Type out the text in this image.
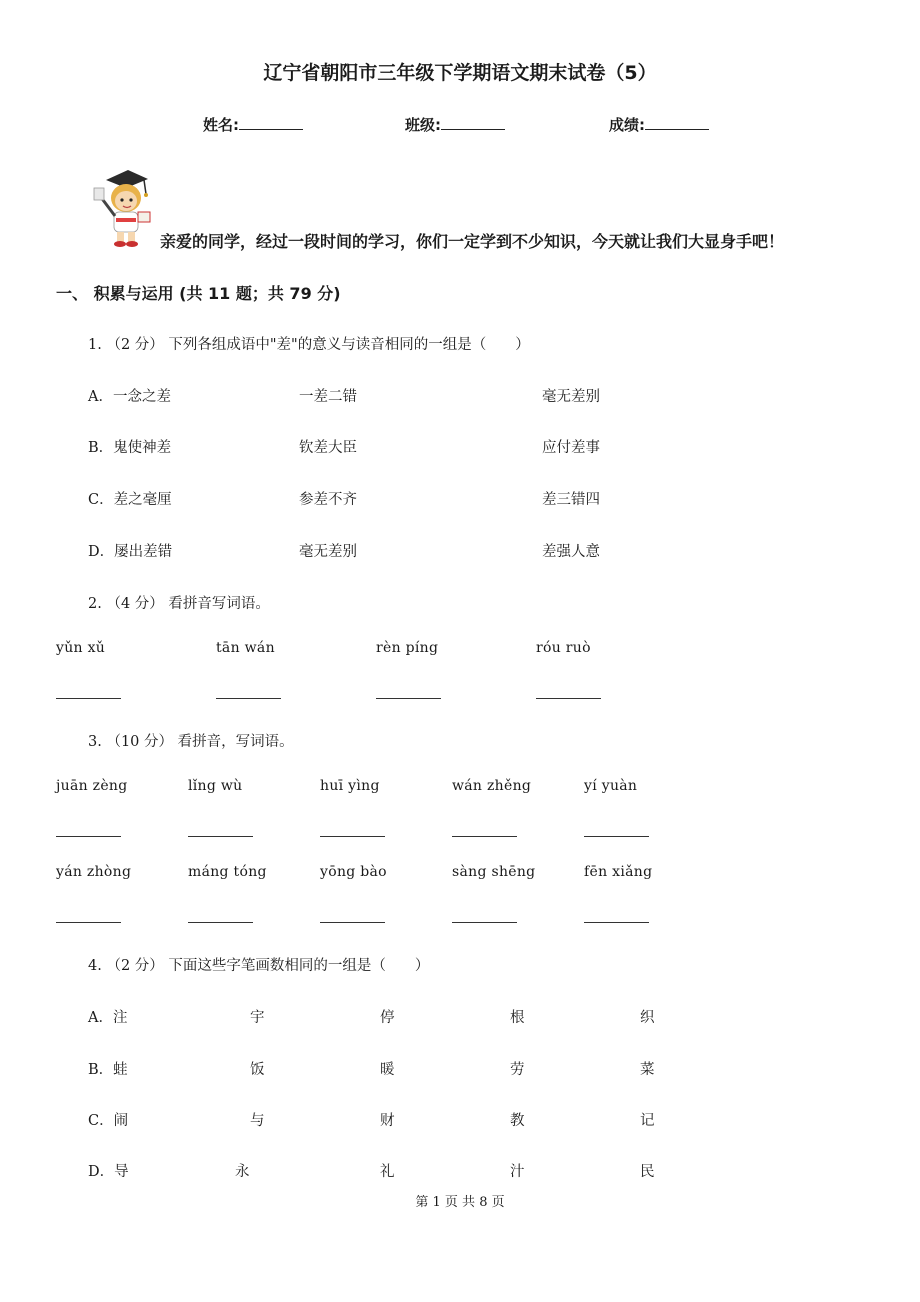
辽宁省朝阳市三年级下学期语文期末试卷（5）
姓名:	班级:	成绩:
亲爱的同学，经过一段时间的学习，你们一定学到不少知识，今天就让我们大显身手吧！
一、 积累与运用 (共 11 题；共 79 分)
1. （2 分） 下列各组成语中"差"的意义与读音相同的一组是（　　）
A．一念之差	一差二错	毫无差别
B．鬼使神差	钦差大臣	应付差事
C．差之毫厘	参差不齐	差三错四
D．屡出差错	毫无差别	差强人意
2. （4 分） 看拼音写词语。
yǔn xǔ	tān wán	rèn píng	róu ruò
3. （10 分） 看拼音，写词语。
juān zèng	lǐng wù	huī yìng	wán zhěng	yí yuàn
yán zhòng	máng tóng	yōng bào	sàng shēng	fēn xiǎng
4. （2 分） 下面这些字笔画数相同的一组是（　　）
A．注	宇	停	根	织
B．蛙	饭	暖	劳	菜
C．闹	与	财	教	记
D．导	永	礼	汁	民
第 1 页 共 8 页
